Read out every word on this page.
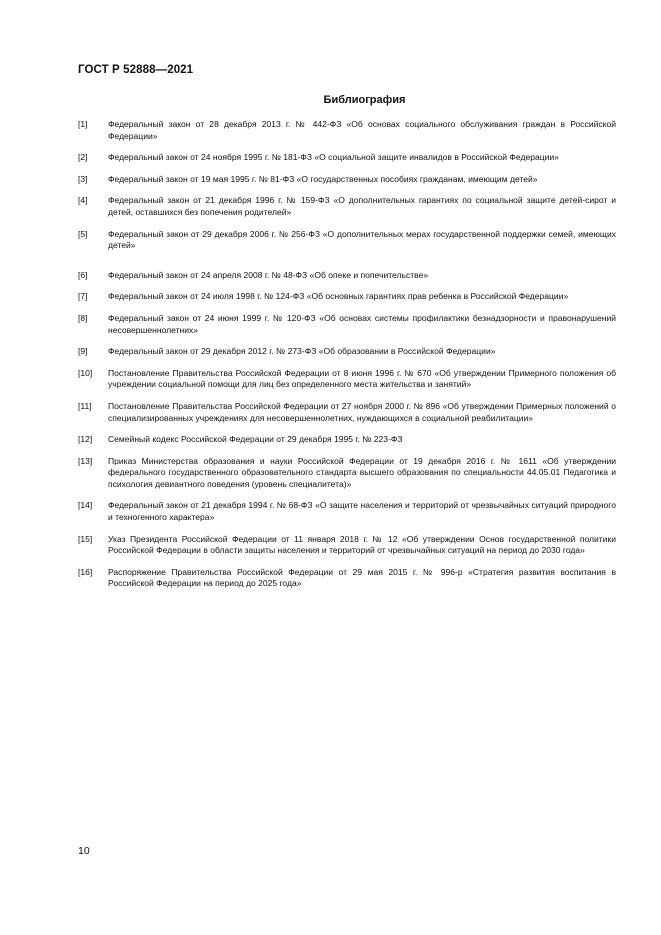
ГОСТ Р 52888—2021
Библиография
[1]	Федеральный закон от 28 декабря 2013 г. № 442-ФЗ «Об основах социального обслуживания граждан в Российской Федерации»
[2]	Федеральный закон от 24 ноября 1995 г. № 181-ФЗ «О социальной защите инвалидов в Российской Федерации»
[3]	Федеральный закон от 19 мая 1995 г. № 81-ФЗ «О государственных пособиях гражданам, имеющим детей»
[4]	Федеральный закон от 21 декабря 1996 г. № 159-ФЗ «О дополнительных гарантиях по социальной защите детей-сирот и детей, оставшихся без попечения родителей»
[5]	Федеральный закон от 29 декабря 2006 г. № 256-ФЗ «О дополнительных мерах государственной поддержки семей, имеющих детей»
[6]	Федеральный закон от 24 апреля 2008 г. № 48-ФЗ «Об опеке и попечительстве»
[7]	Федеральный закон от 24 июля 1998 г. № 124-ФЗ «Об основных гарантиях прав ребенка в Российской Федерации»
[8]	Федеральный закон от 24 июня 1999 г. № 120-ФЗ «Об основах системы профилактики безнадзорности и правонарушений несовершеннолетних»
[9]	Федеральный закон от 29 декабря 2012 г. № 273-ФЗ «Об образовании в Российской Федерации»
[10]	Постановление Правительства Российской Федерации от 8 июня 1996 г. № 670 «Об утверждении Примерного положения об учреждении социальной помощи для лиц без определенного места жительства и занятий»
[11]	Постановление Правительства Российской Федерации от 27 ноября 2000 г. № 896 «Об утверждении Примерных положений о специализированных учреждениях для несовершеннолетних, нуждающихся в социальной реабилитации»
[12]	Семейный кодекс Российской Федерации от 29 декабря 1995 г. № 223-ФЗ
[13]	Приказ Министерства образования и науки Российской Федерации от 19 декабря 2016 г. № 1611 «Об утверждении федерального государственного образовательного стандарта высшего образования по специальности 44.05.01 Педагогика и психология девиантного поведения (уровень специалитета)»
[14]	Федеральный закон от 21 декабря 1994 г. № 68-ФЗ «О защите населения и территорий от чрезвычайных ситуаций природного и техногенного характера»
[15]	Указ Президента Российской Федерации от 11 января 2018 г. № 12 «Об утверждении Основ государственной политики Российской Федерации в области защиты населения и территорий от чрезвычайных ситуаций на период до 2030 года»
[16]	Распоряжение Правительства Российской Федерации от 29 мая 2015 г. № 996-р «Стратегия развития воспитания в Российской Федерации на период до 2025 года»
10
